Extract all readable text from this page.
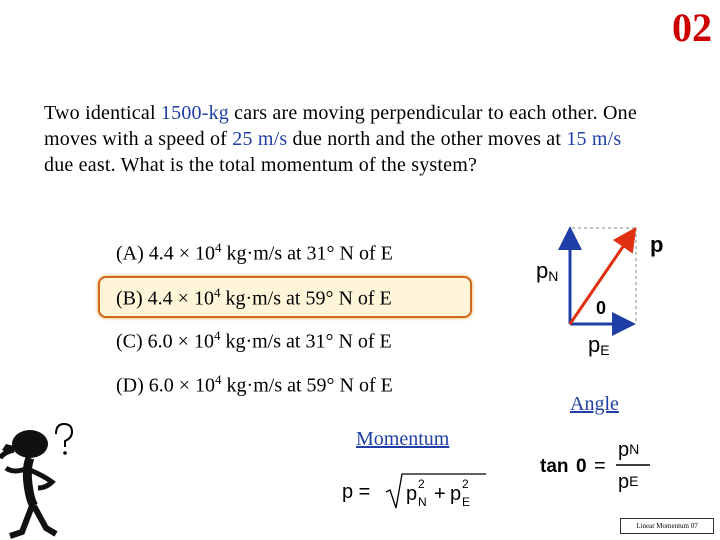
02
Two identical 1500-kg cars are moving perpendicular to each other. One moves with a speed of 25 m/s due north and the other moves at 15 m/s due east. What is the total momentum of the system?
(A) $4.4 \times 10^4$ kg·m/s at 31° N of E
(B) $4.4 \times 10^4$ kg·m/s at 59° N of E
(C) $6.0 \times 10^4$ kg·m/s at 31° N of E
(D) $6.0 \times 10^4$ kg·m/s at 59° N of E
p
pN
0
pE
Angle
Momentum
p = p 2
N + p 2
E
tan 0 =
pN
pE
Linear Momentum 07
